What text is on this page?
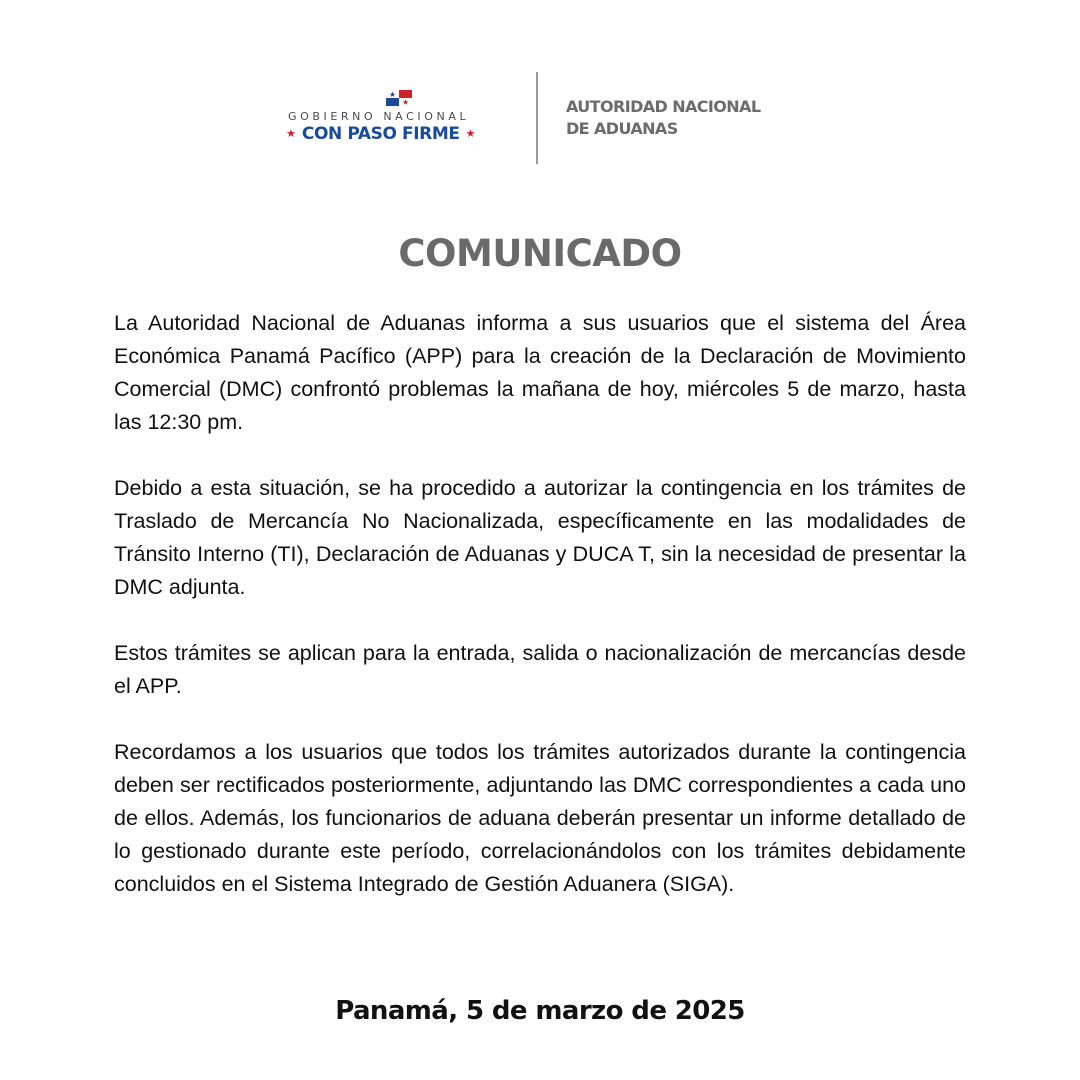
GOBIERNO NACIONAL
★ CON PASO FIRME ★
AUTORIDAD NACIONAL
DE ADUANAS
COMUNICADO

La Autoridad Nacional de Aduanas informa a sus usuarios que el sistema del Área Económica Panamá Pacífico (APP) para la creación de la Declaración de Movimiento Comercial (DMC) confrontó problemas la mañana de hoy, miércoles 5 de marzo, hasta las 12:30 pm.

Debido a esta situación, se ha procedido a autorizar la contingencia en los trámites de Traslado de Mercancía No Nacionalizada, específicamente en las modalidades de Tránsito Interno (TI), Declaración de Aduanas y DUCA T, sin la necesidad de presentar la DMC adjunta.

Estos trámites se aplican para la entrada, salida o nacionalización de mercancías desde el APP.

Recordamos a los usuarios que todos los trámites autorizados durante la contingencia deben ser rectificados posteriormente, adjuntando las DMC correspondientes a cada uno de ellos. Además, los funcionarios de aduana deberán presentar un informe detallado de lo gestionado durante este período, correlacionándolos con los trámites debidamente concluidos en el Sistema Integrado de Gestión Aduanera (SIGA).

Panamá, 5 de marzo de 2025
